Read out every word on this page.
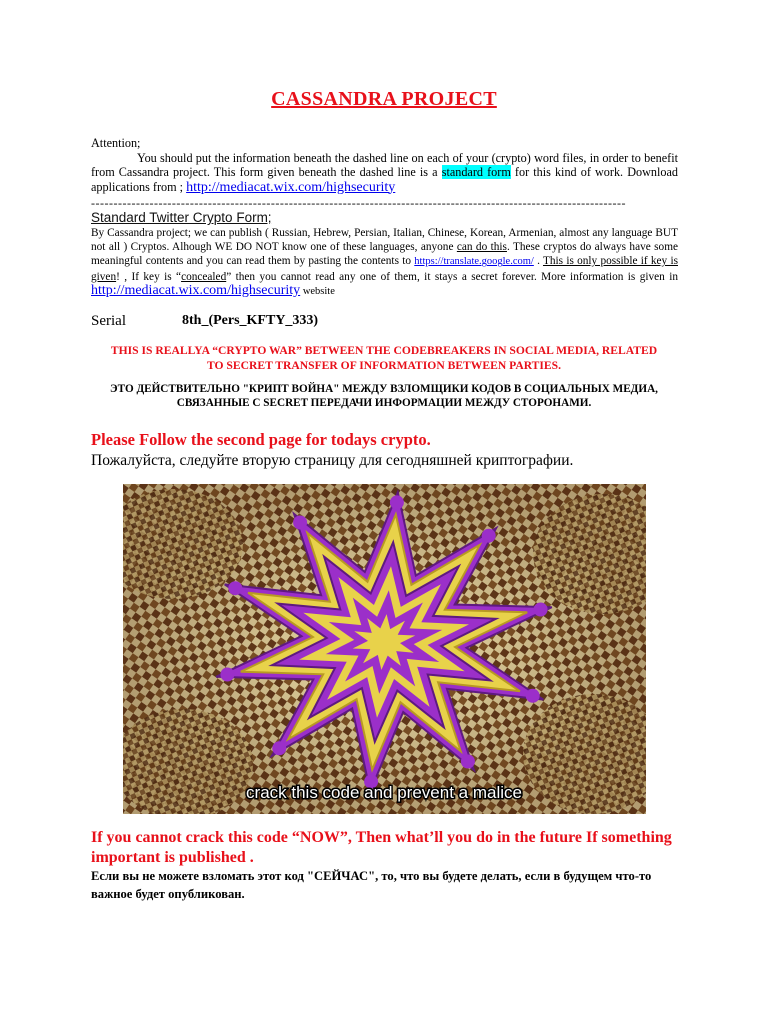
CASSANDRA PROJECT
Attention;
You should put the information beneath the dashed line on each of your (crypto) word files, in order to benefit from Cassandra project. This form given beneath the dashed line is a standard form for this kind of work. Download applications from ; http://mediacat.wix.com/highsecurity
-----------------------------------------------------------------------------------------------------------------------
Standard Twitter Crypto Form;
By Cassandra project; we can publish ( Russian, Hebrew, Persian, Italian, Chinese, Korean, Armenian, almost any language BUT not all ) Cryptos. Alhough WE DO NOT know one of these languages, anyone can do this. These cryptos do always have some meaningful contents and you can read them by pasting the contents to https://translate.google.com/ . This is only possible if key is given! , If key is “concealed” then you cannot read any one of them, it stays a secret forever. More information is given in http://mediacat.wix.com/highsecurity website
Serial	8th_(Pers_KFTY_333)
THIS IS REALLYA “CRYPTO WAR” BETWEEN THE CODEBREAKERS IN SOCIAL MEDIA, RELATED TO SECRET TRANSFER OF INFORMATION BETWEEN PARTIES.
ЭТО ДЕЙСТВИТЕЛЬНО "КРИПТ ВОЙНА" МЕЖДУ ВЗЛОМЩИКИ КОДОВ В СОЦИАЛЬНЫХ МЕДИА, СВЯЗАННЫЕ С SECRET ПЕРЕДАЧИ ИНФОРМАЦИИ МЕЖДУ СТОРОНАМИ.
Please Follow the second page for todays crypto.
Пожалуйста, следуйте вторую страницу для сегодняшней криптографии.
crack this code and prevent a malice
If you cannot crack this code “NOW”, Then what’ll you do in the future If something important is published .
Если вы не можете взломать этот код "СЕЙЧАС", то, что вы будете делать, если в будущем что-то важное будет опубликован.
